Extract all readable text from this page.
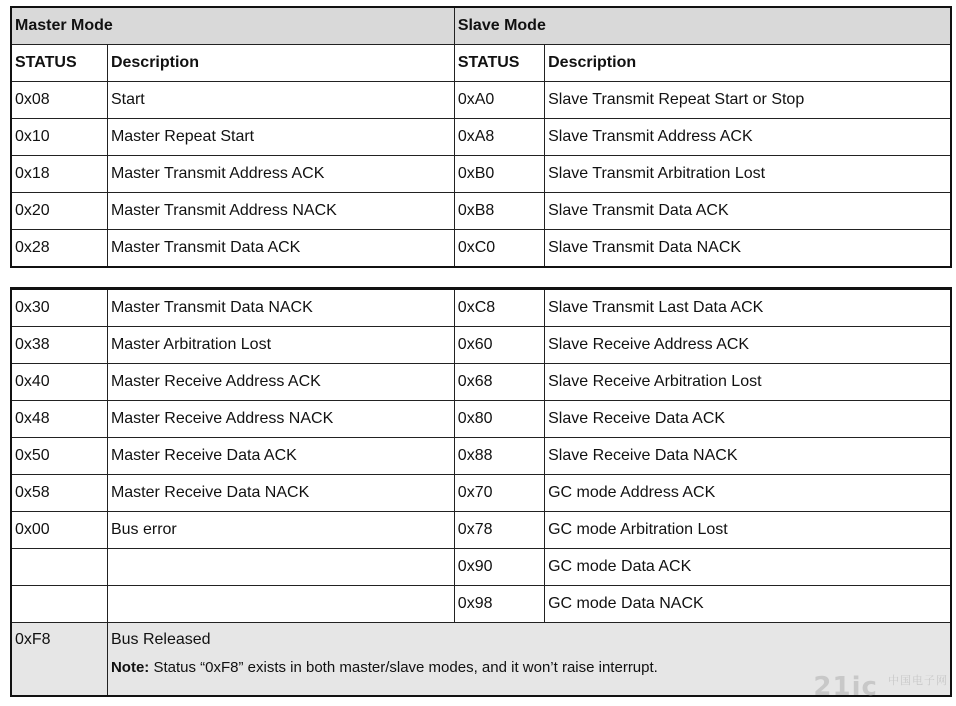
Master Mode		Slave Mode	
STATUS	Description	STATUS	Description
0x08	Start	0xA0	Slave Transmit Repeat Start or Stop
0x10	Master Repeat Start	0xA8	Slave Transmit Address ACK
0x18	Master Transmit Address ACK	0xB0	Slave Transmit Arbitration Lost
0x20	Master Transmit Address NACK	0xB8	Slave Transmit Data ACK
0x28	Master Transmit Data ACK	0xC0	Slave Transmit Data NACK
0x30	Master Transmit Data NACK	0xC8	Slave Transmit Last Data ACK
0x38	Master Arbitration Lost	0x60	Slave Receive Address ACK
0x40	Master Receive Address ACK	0x68	Slave Receive Arbitration Lost
0x48	Master Receive Address NACK	0x80	Slave Receive Data ACK
0x50	Master Receive Data ACK	0x88	Slave Receive Data NACK
0x58	Master Receive Data NACK	0x70	GC mode Address ACK
0x00	Bus error	0x78	GC mode Arbitration Lost
		0x90	GC mode Data ACK
		0x98	GC mode Data NACK
0xF8	Bus Released
Note: Status “0xF8” exists in both master/slave modes, and it won’t raise interrupt.		
21ic $^{中国电子网}$
